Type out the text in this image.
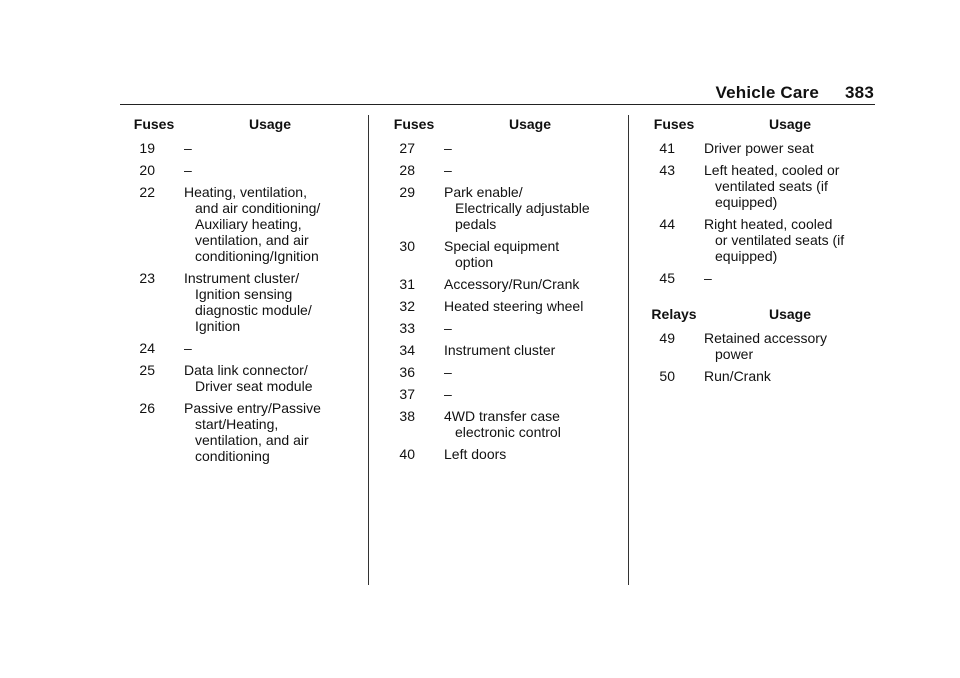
Vehicle Care 383
Fuses	Usage
19 –
20 –
22 Heating, ventilation,
and air conditioning/
Auxiliary heating,
ventilation, and air
conditioning/Ignition
23 Instrument cluster/
Ignition sensing
diagnostic module/
Ignition
24 –
25 Data link connector/
Driver seat module
26 Passive entry/Passive
start/Heating,
ventilation, and air
conditioning
Fuses	Usage
27 –
28 –
29 Park enable/
Electrically adjustable
pedals
30 Special equipment
option
31 Accessory/Run/Crank
32 Heated steering wheel
33 –
34 Instrument cluster
36 –
37 –
38 4WD transfer case
electronic control
40 Left doors
Fuses	Usage
41 Driver power seat
43 Left heated, cooled or
ventilated seats (if
equipped)
44 Right heated, cooled
or ventilated seats (if
equipped)
45 –
Relays	Usage
49 Retained accessory
power
50 Run/Crank
